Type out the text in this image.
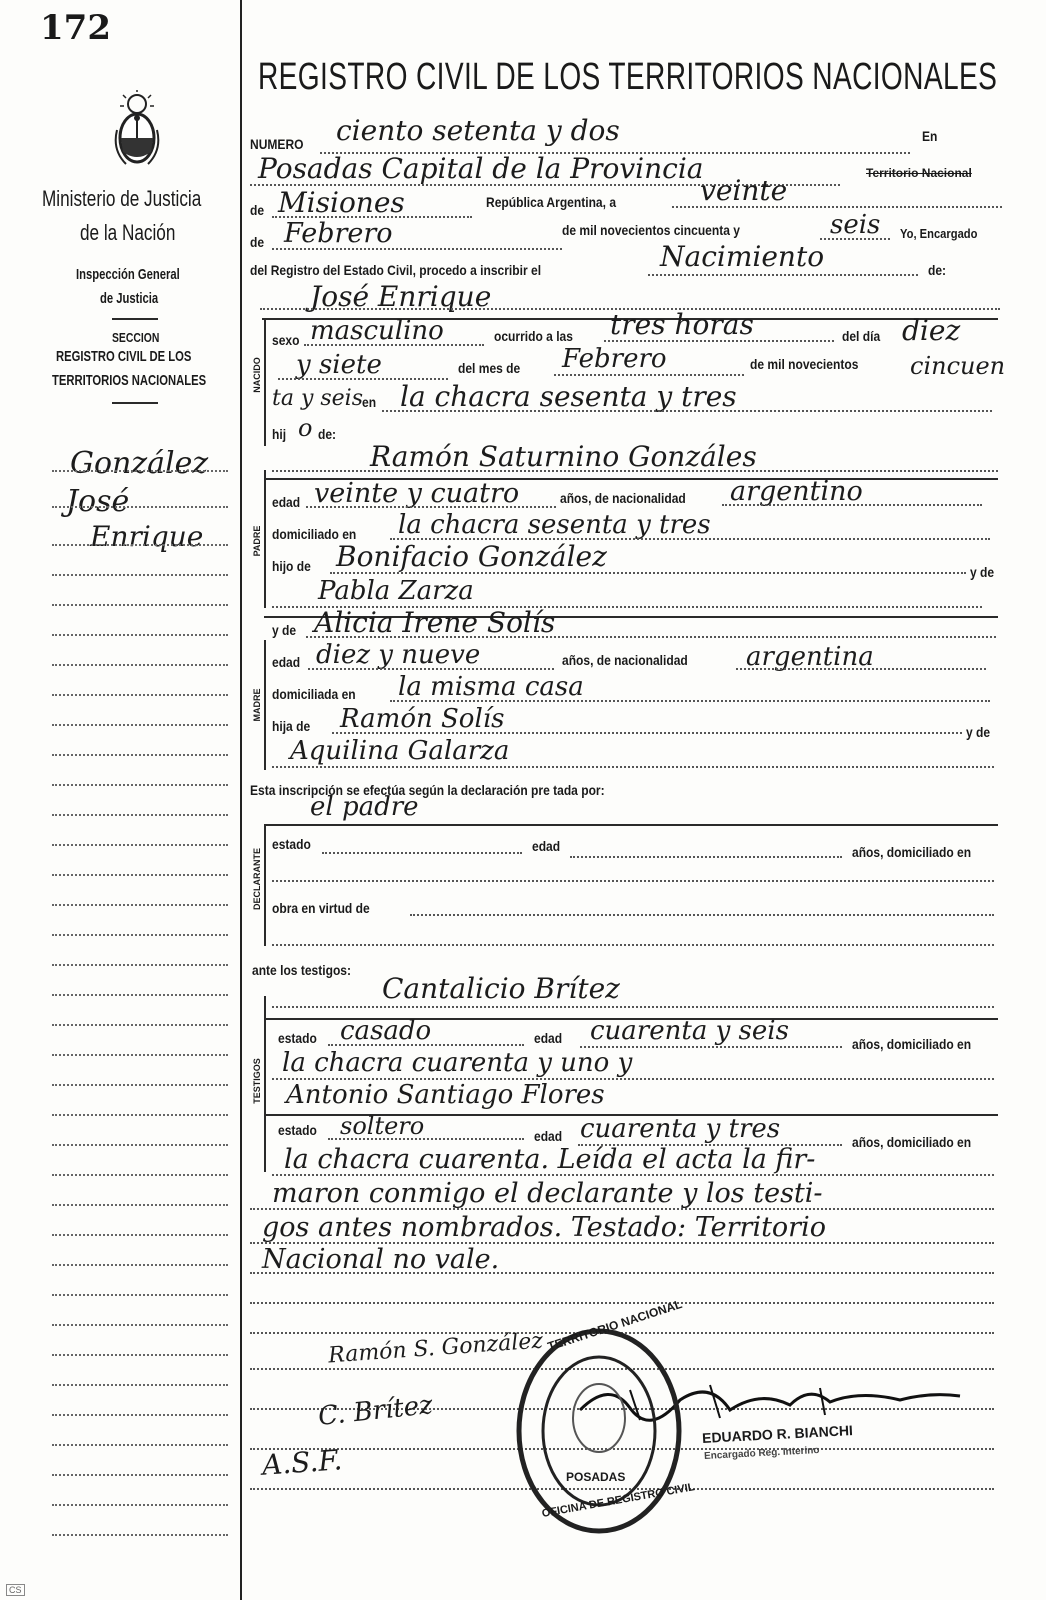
172
Ministerio de Justicia
de la Nación
Inspección General
de Justicia
SECCION
REGISTRO CIVIL DE LOS
TERRITORIOS NACIONALES
González
José
Enrique
REGISTRO CIVIL DE LOS TERRITORIOS NACIONALES
NUMERO ciento setenta y dos	En
Posadas Capital de la Provincia	Territorio Nacional
de Misiones	República Argentina, a	veinte
de Febrero	de mil novecientos cincuenta y	seis Yo, Encargado
del Registro del Estado Civil, procedo a inscribir el	Nacimiento	de:
José Enrique
NACIDO
sexo masculino	ocurrido a las tres horas	del día diez
y siete	del mes de Febrero	de mil novecientos cincuen
ta y seis
en la chacra sesenta y tres
hij o de:
Ramón Saturnino Gonzáles
PADRE
edad veinte y cuatro	años, de nacionalidad argentino
domiciliado en la chacra sesenta y tres
hijo de Bonifacio González	y de
Pabla Zarza
y de Alicia Irene Solís
MADRE
edad diez y nueve	años, de nacionalidad argentina
domiciliada en la misma casa
hija de Ramón Solís	y de
Aquilina Galarza
Esta inscripción se efectúa según la declaración pre tada por:
el padre
DECLARANTE
estado	edad	años, domiciliado en
obra en virtud de
ante los testigos:
Cantalicio Brítez
TESTIGOS
estado casado	edad cuarenta y seis	años, domiciliado en
la chacra cuarenta y uno y
Antonio Santiago Flores
estado soltero	edad cuarenta y tres	años, domiciliado en
la chacra cuarenta. Leída el acta la fir-
maron conmigo el declarante y los testi-
gos antes nombrados. Testado: Territorio
Nacional no vale.
Ramón S. González
C. Brítez
A.S.F.
TERRITORIO NACIONAL
POSADAS
OFICINA DE REGISTRO CIVIL
EDUARDO R. BIANCHI
Encargado Reg. Interino
CS
